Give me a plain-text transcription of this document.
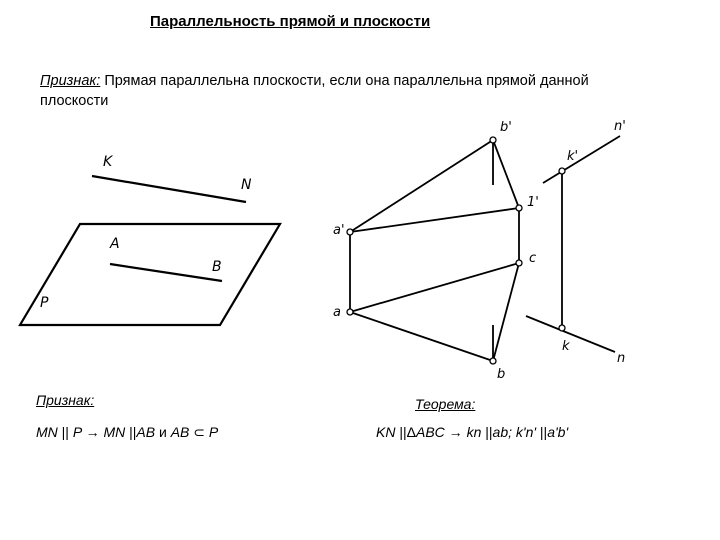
Параллельность прямой и плоскости
Признак: Прямая параллельна плоскости, если она параллельна прямой данной плоскости
K
N
A
B
P
b'
a'
1'
a
c
b
k'
n'
k
n
Признак:
MN || P → MN ||AB и AB ⊂ P
Теорема:
KN ||ΔABC → kn ||ab; k'n' ||a'b'
